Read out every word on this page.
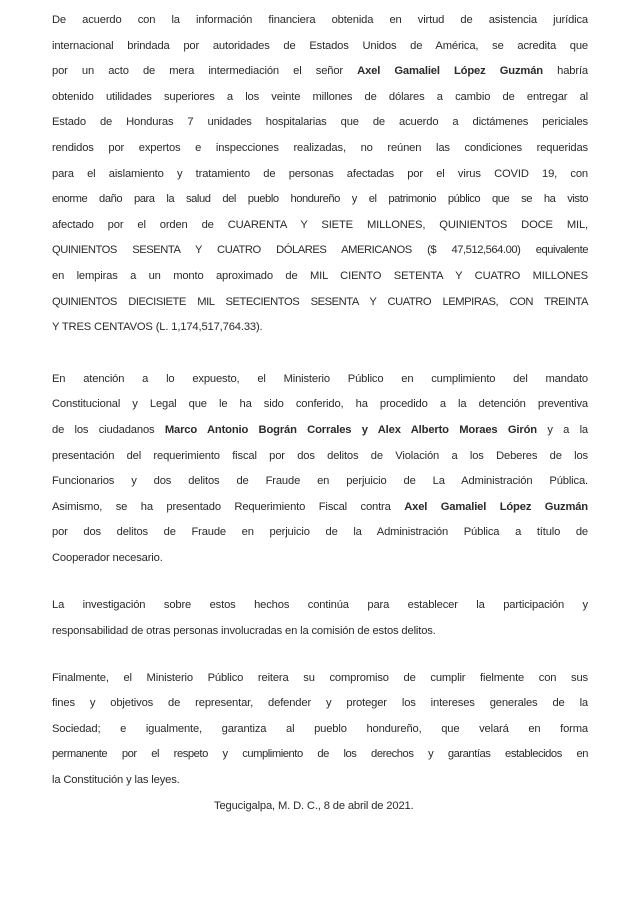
De acuerdo con la información financiera obtenida en virtud de asistencia jurídica
internacional brindada por autoridades de Estados Unidos de América, se acredita que
por un acto de mera intermediación el señor Axel Gamaliel López Guzmán habría
obtenido utilidades superiores a los veinte millones de dólares a cambio de entregar al
Estado de Honduras 7 unidades hospitalarias que de acuerdo a dictámenes periciales
rendidos por expertos e inspecciones realizadas, no reúnen las condiciones requeridas
para el aislamiento y tratamiento de personas afectadas por el virus COVID 19, con
enorme daño para la salud del pueblo hondureño y el patrimonio público que se ha visto
afectado por el orden de CUARENTA Y SIETE MILLONES, QUINIENTOS DOCE MIL,
QUINIENTOS SESENTA Y CUATRO DÓLARES AMERICANOS ($ 47,512,564.00) equivalente
en lempiras a un monto aproximado de MIL CIENTO SETENTA Y CUATRO MILLONES
QUINIENTOS DIECISIETE MIL SETECIENTOS SESENTA Y CUATRO LEMPIRAS, CON TREINTA
Y TRES CENTAVOS (L. 1,174,517,764.33).
En atención a lo expuesto, el Ministerio Público en cumplimiento del mandato
Constitucional y Legal que le ha sido conferido, ha procedido a la detención preventiva
de los ciudadanos Marco Antonio Bográn Corrales y Alex Alberto Moraes Girón y a la
presentación del requerimiento fiscal por dos delitos de Violación a los Deberes de los
Funcionarios y dos delitos de Fraude en perjuicio de La Administración Pública.
Asimismo, se ha presentado Requerimiento Fiscal contra Axel Gamaliel López Guzmán
por dos delitos de Fraude en perjuicio de la Administración Pública a título de
Cooperador necesario.
La investigación sobre estos hechos continúa para establecer la participación y
responsabilidad de otras personas involucradas en la comisión de estos delitos.
Finalmente, el Ministerio Público reitera su compromiso de cumplir fielmente con sus
fines y objetivos de representar, defender y proteger los intereses generales de la
Sociedad; e igualmente, garantiza al pueblo hondureño, que velará en forma
permanente por el respeto y cumplimiento de los derechos y garantías establecidos en
la Constitución y las leyes.
Tegucigalpa, M. D. C., 8 de abril de 2021.
